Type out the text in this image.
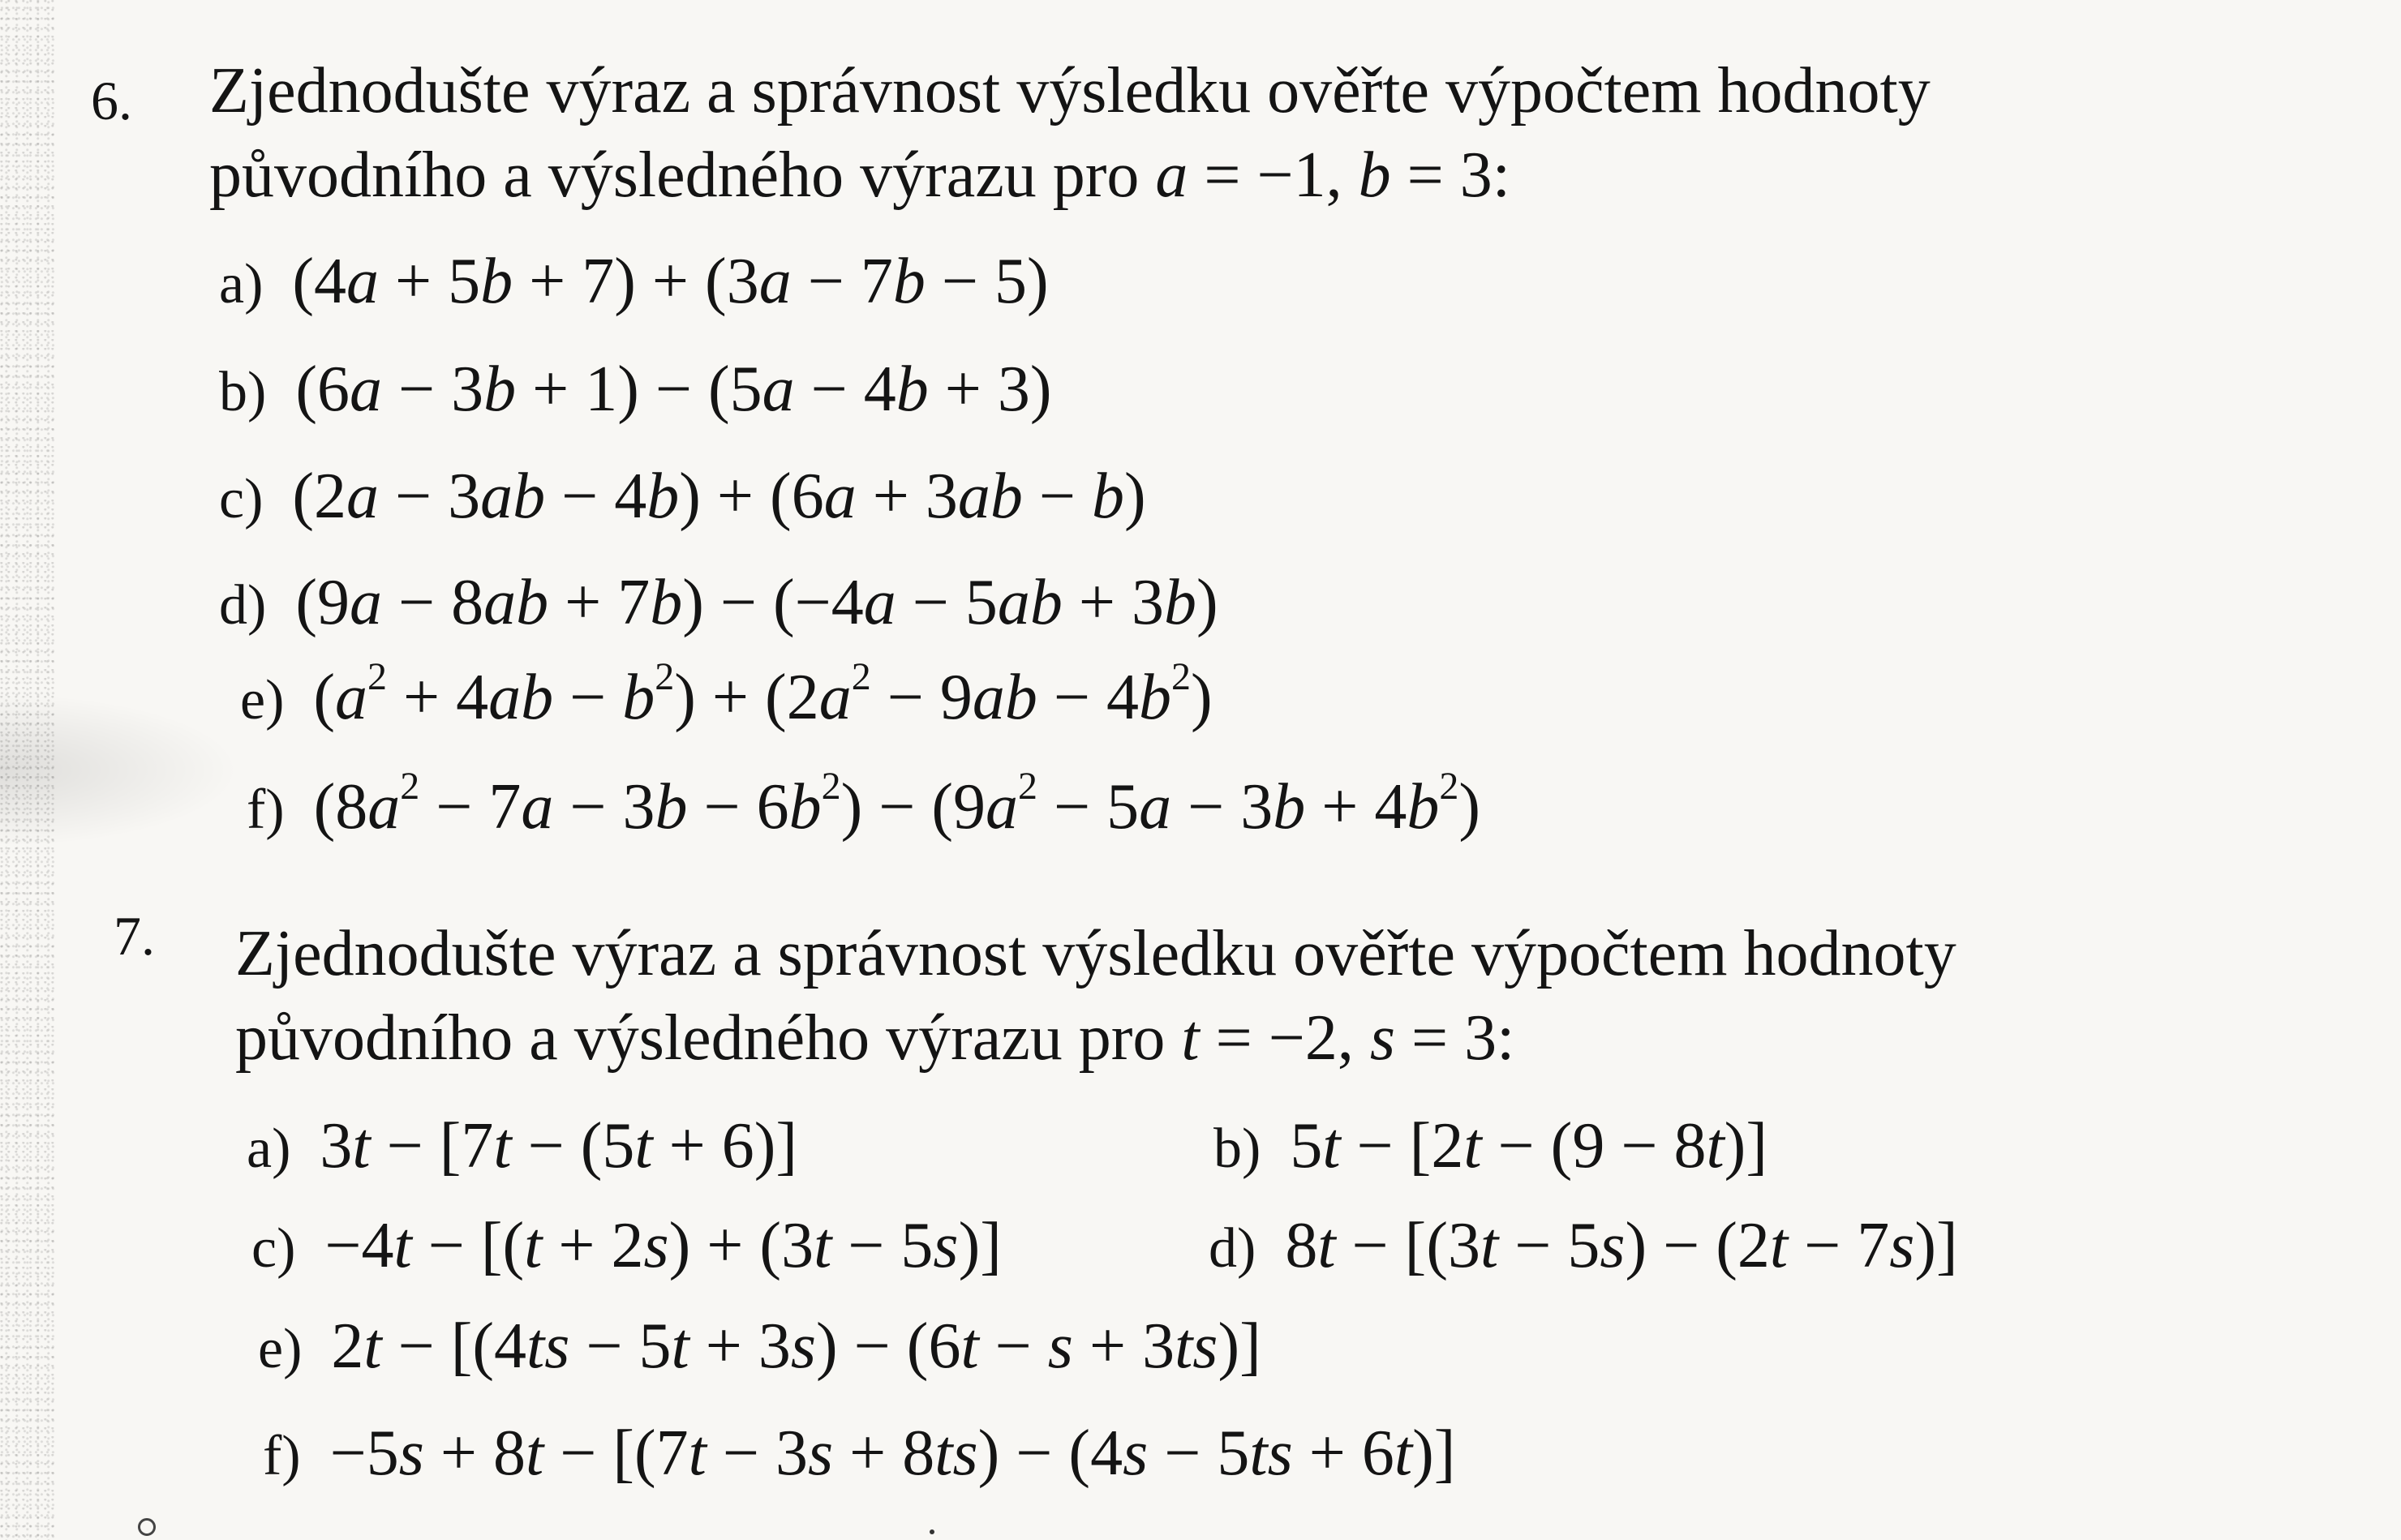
6. Zjednodušte výraz a správnost výsledku ověřte výpočtem hodnoty
původního a výsledného výrazu pro a = −1, b = 3:
a) (4a + 5b + 7) + (3a − 7b − 5)
b) (6a − 3b + 1) − (5a − 4b + 3)
c) (2a − 3ab − 4b) + (6a + 3ab − b)
d) (9a − 8ab + 7b) − (−4a − 5ab + 3b)
e) $(a^2 + 4ab - b^2) + (2a^2 - 9ab - 4b^2)$
f) $(8a^2 - 7a - 3b - 6b^2) - (9a^2 - 5a - 3b + 4b^2)$
7. Zjednodušte výraz a správnost výsledku ověřte výpočtem hodnoty
původního a výsledného výrazu pro t = −2, s = 3:
a) 3t − [7t − (5t + 6)]	b) 5t − [2t − (9 − 8t)]
c) −4t − [(t + 2s) + (3t − 5s)]	d) 8t − [(3t − 5s) − (2t − 7s)]
e) 2t − [(4ts − 5t + 3s) − (6t − s + 3ts)]
f) −5s + 8t − [(7t − 3s + 8ts) − (4s − 5ts + 6t)]
